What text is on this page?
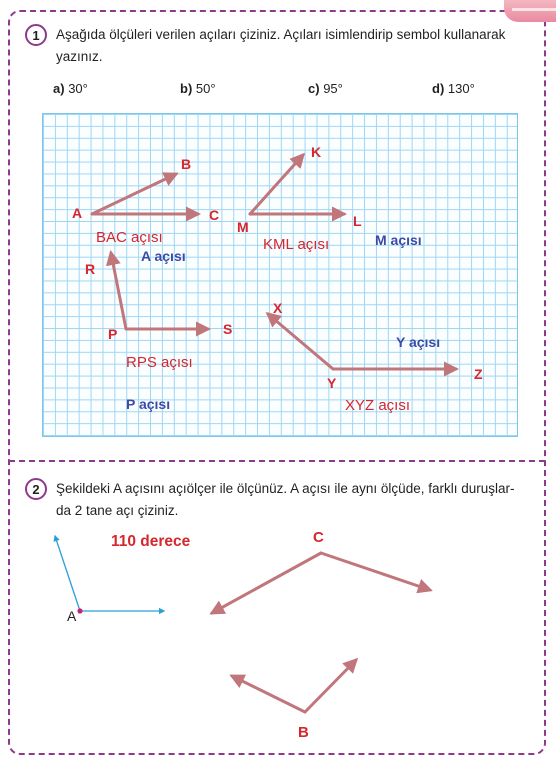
1	Aşağıda ölçüleri verilen açıları çiziniz. Açıları isimlendirip sembol kullanarak
yazınız.
a) 30°	b) 50°	c) 95°	d) 130°
A
B
C
M
K
L
R
P	S
X
Y
Z
BAC açısı	KML açısı
RPS açısı
XYZ açısı
A açısı
M açısı
P açısı
Y açısı
2	Şekildeki A açısını açıölçer ile ölçünüz. A açısı ile aynı ölçüde, farklı duruşlar-
da 2 tane açı çiziniz.
A
110 derece	C
B
